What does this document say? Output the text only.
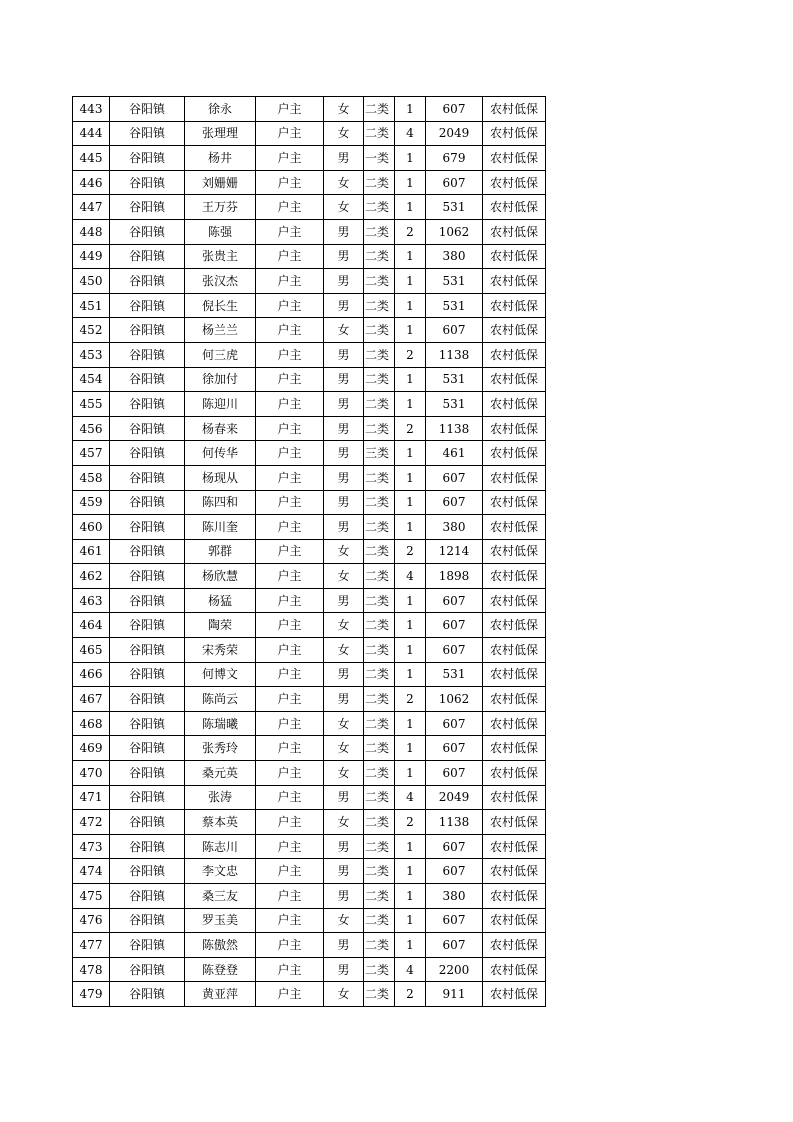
443	谷阳镇	徐永	户主	女	二类	1	607	农村低保
444	谷阳镇	张理理	户主	女	二类	4	2049	农村低保
445	谷阳镇	杨井	户主	男	一类	1	679	农村低保
446	谷阳镇	刘姗姗	户主	女	二类	1	607	农村低保
447	谷阳镇	王万芬	户主	女	二类	1	531	农村低保
448	谷阳镇	陈强	户主	男	二类	2	1062	农村低保
449	谷阳镇	张贵主	户主	男	二类	1	380	农村低保
450	谷阳镇	张汉杰	户主	男	二类	1	531	农村低保
451	谷阳镇	倪长生	户主	男	二类	1	531	农村低保
452	谷阳镇	杨兰兰	户主	女	二类	1	607	农村低保
453	谷阳镇	何三虎	户主	男	二类	2	1138	农村低保
454	谷阳镇	徐加付	户主	男	二类	1	531	农村低保
455	谷阳镇	陈迎川	户主	男	二类	1	531	农村低保
456	谷阳镇	杨春来	户主	男	二类	2	1138	农村低保
457	谷阳镇	何传华	户主	男	三类	1	461	农村低保
458	谷阳镇	杨现从	户主	男	二类	1	607	农村低保
459	谷阳镇	陈四和	户主	男	二类	1	607	农村低保
460	谷阳镇	陈川奎	户主	男	二类	1	380	农村低保
461	谷阳镇	郭群	户主	女	二类	2	1214	农村低保
462	谷阳镇	杨欣慧	户主	女	二类	4	1898	农村低保
463	谷阳镇	杨猛	户主	男	二类	1	607	农村低保
464	谷阳镇	陶荣	户主	女	二类	1	607	农村低保
465	谷阳镇	宋秀荣	户主	女	二类	1	607	农村低保
466	谷阳镇	何博文	户主	男	二类	1	531	农村低保
467	谷阳镇	陈尚云	户主	男	二类	2	1062	农村低保
468	谷阳镇	陈瑞曦	户主	女	二类	1	607	农村低保
469	谷阳镇	张秀玲	户主	女	二类	1	607	农村低保
470	谷阳镇	桑元英	户主	女	二类	1	607	农村低保
471	谷阳镇	张涛	户主	男	二类	4	2049	农村低保
472	谷阳镇	蔡本英	户主	女	二类	2	1138	农村低保
473	谷阳镇	陈志川	户主	男	二类	1	607	农村低保
474	谷阳镇	李文忠	户主	男	二类	1	607	农村低保
475	谷阳镇	桑三友	户主	男	二类	1	380	农村低保
476	谷阳镇	罗玉美	户主	女	二类	1	607	农村低保
477	谷阳镇	陈傲然	户主	男	二类	1	607	农村低保
478	谷阳镇	陈登登	户主	男	二类	4	2200	农村低保
479	谷阳镇	黄亚萍	户主	女	二类	2	911	农村低保
